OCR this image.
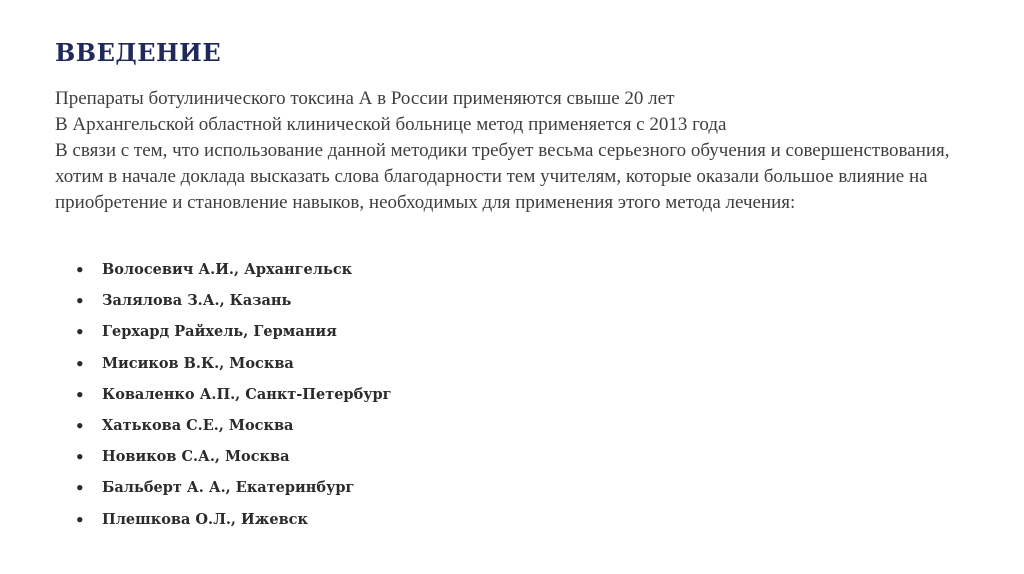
ВВЕДЕНИЕ

Препараты ботулинического токсина А в России применяются свыше 20 лет

В Архангельской областной клинической больнице метод применяется с 2013 года

В связи с тем, что использование данной методики требует весьма серьезного обучения и совершенствования, хотим в начале доклада высказать слова благодарности тем учителям, которые оказали большое влияние на приобретение и становление навыков, необходимых для применения этого метода лечения:

• Волосевич А.И., Архангельск
• Залялова З.А., Казань
• Герхард Райхель, Германия
• Мисиков В.К., Москва
• Коваленко А.П., Санкт-Петербург
• Хатькова С.Е., Москва
• Новиков С.А., Москва
• Бальберт А. А., Екатеринбург
• Плешкова О.Л., Ижевск
